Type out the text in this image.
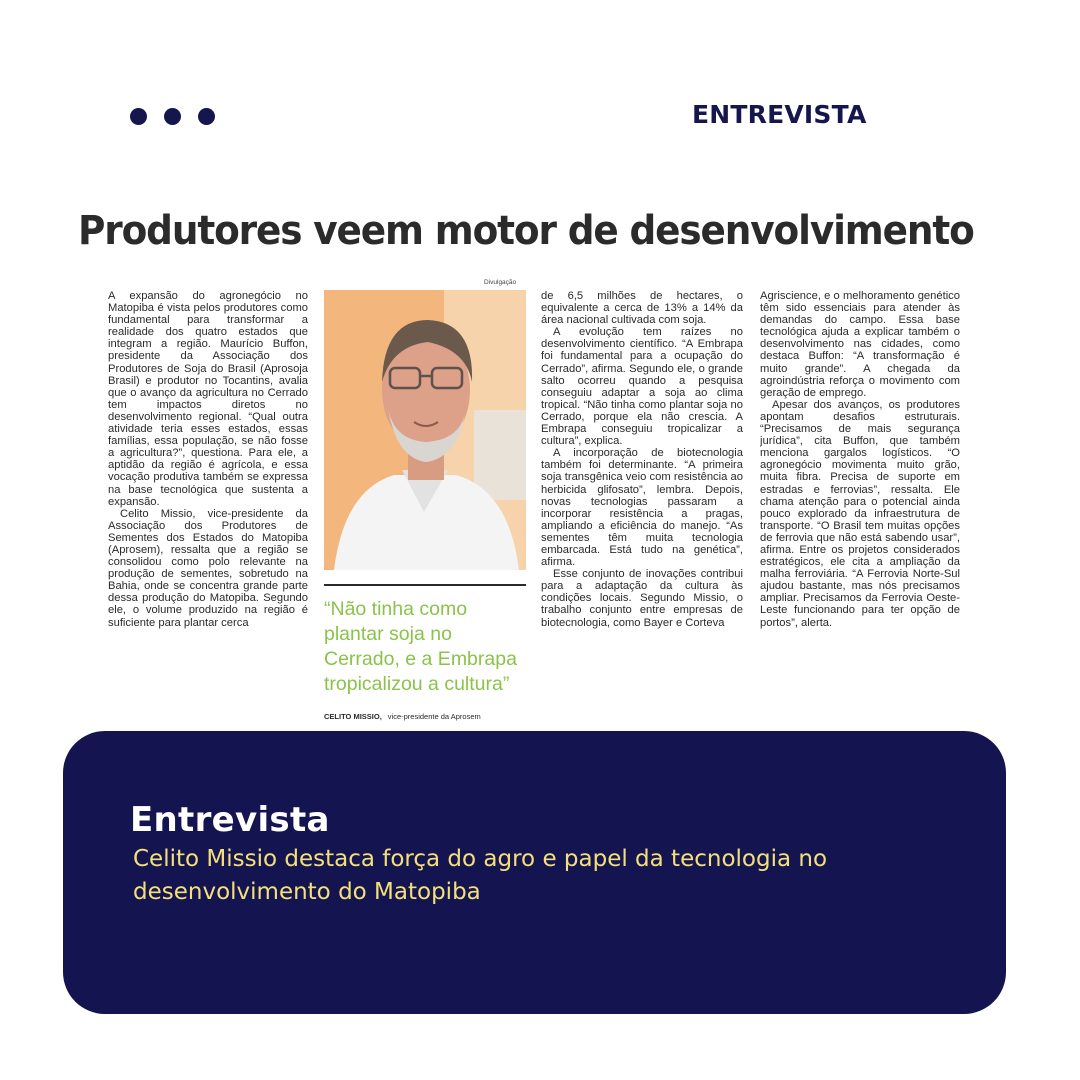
ENTREVISTA
Produtores veem motor de desenvolvimento

A expansão do agronegócio no Matopiba é vista pelos produtores como fundamental para transformar a realidade dos quatro estados que integram a região. Maurício Buffon, presidente da Associação dos Produtores de Soja do Brasil (Aprosoja Brasil) e produtor no Tocantins, avalia que o avanço da agricultura no Cerrado tem impactos diretos no desenvolvimento regional. “Qual outra atividade teria esses estados, essas famílias, essa população, se não fosse a agricultura?”, questiona. Para ele, a aptidão da região é agrícola, e essa vocação produtiva também se expressa na base tecnológica que sustenta a expansão.

Celito Missio, vice-presidente da Associação dos Produtores de Sementes dos Estados do Matopiba (Aprosem), ressalta que a região se consolidou como polo relevante na produção de sementes, sobretudo na Bahia, onde se concentra grande parte dessa produção do Matopiba. Segundo ele, o volume produzido na região é suficiente para plantar cerca

Divulgação
“Não tinha como plantar soja no Cerrado, e a Embrapa tropicalizou a cultura”
CELITO MISSIO, vice-presidente da Aprosem

de 6,5 milhões de hectares, o equivalente a cerca de 13% a 14% da área nacional cultivada com soja.

A evolução tem raízes no desenvolvimento científico. “A Embrapa foi fundamental para a ocupação do Cerrado”, afirma. Segundo ele, o grande salto ocorreu quando a pesquisa conseguiu adaptar a soja ao clima tropical. “Não tinha como plantar soja no Cerrado, porque ela não crescia. A Embrapa conseguiu tropicalizar a cultura”, explica.

A incorporação de biotecnologia também foi determinante. “A primeira soja transgênica veio com resistência ao herbicida glifosato”, lembra. Depois, novas tecnologias passaram a incorporar resistência a pragas, ampliando a eficiência do manejo. “As sementes têm muita tecnologia embarcada. Está tudo na genética”, afirma.

Esse conjunto de inovações contribui para a adaptação da cultura às condições locais. Segundo Missio, o trabalho conjunto entre empresas de biotecnologia, como Bayer e Corteva

Agriscience, e o melhoramento genético têm sido essenciais para atender às demandas do campo. Essa base tecnológica ajuda a explicar também o desenvolvimento nas cidades, como destaca Buffon: “A transformação é muito grande”. A chegada da agroindústria reforça o movimento com geração de emprego.

Apesar dos avanços, os produtores apontam desafios estruturais. “Precisamos de mais segurança jurídica”, cita Buffon, que também menciona gargalos logísticos. “O agronegócio movimenta muito grão, muita fibra. Precisa de suporte em estradas e ferrovias”, ressalta. Ele chama atenção para o potencial ainda pouco explorado da infraestrutura de transporte. “O Brasil tem muitas opções de ferrovia que não está sabendo usar”, afirma. Entre os projetos considerados estratégicos, ele cita a ampliação da malha ferroviária. “A Ferrovia Norte-Sul ajudou bastante, mas nós precisamos ampliar. Precisamos da Ferrovia Oeste-Leste funcionando para ter opção de portos”, alerta.

Entrevista
Celito Missio destaca força do agro e papel da tecnologia no desenvolvimento do Matopiba
